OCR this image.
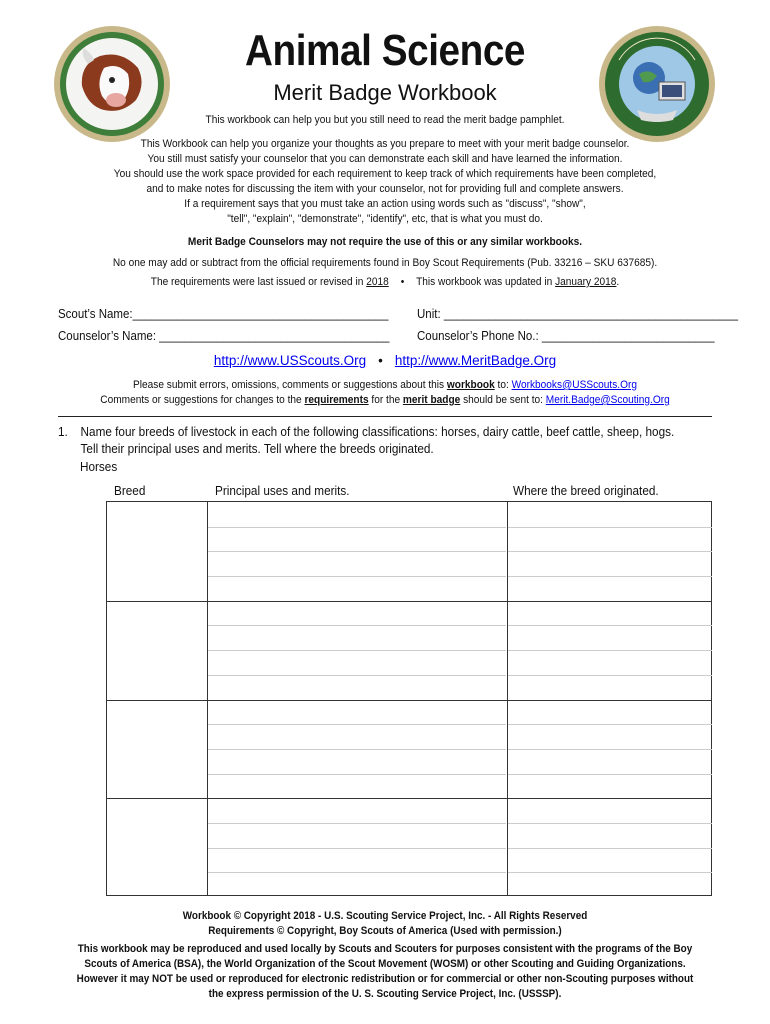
Animal Science
Merit Badge Workbook
This workbook can help you but you still need to read the merit badge pamphlet.
This Workbook can help you organize your thoughts as you prepare to meet with your merit badge counselor.
You still must satisfy your counselor that you can demonstrate each skill and have learned the information.
You should use the work space provided for each requirement to keep track of which requirements have been completed,
and to make notes for discussing the item with your counselor, not for providing full and complete answers.
If a requirement says that you must take an action using words such as "discuss", "show",
"tell", "explain", "demonstrate", "identify", etc, that is what you must do.
Merit Badge Counselors may not require the use of this or any similar workbooks.
No one may add or subtract from the official requirements found in Boy Scout Requirements (Pub. 33216 – SKU 637685).
The requirements were last issued or revised in 2018 • This workbook was updated in January 2018.
Scout’s Name:________________________________________ Unit: ______________________________________________
Counselor’s Name: ____________________________________ Counselor’s Phone No.: ___________________________
http://www.USScouts.Org • http://www.MeritBadge.Org
Please submit errors, omissions, comments or suggestions about this workbook to: Workbooks@USScouts.Org
Comments or suggestions for changes to the requirements for the merit badge should be sent to: Merit.Badge@Scouting.Org
1.	Name four breeds of livestock in each of the following classifications: horses, dairy cattle, beef cattle, sheep, hogs. Tell their principal uses and merits. Tell where the breeds originated.
Horses
Breed	Principal uses and merits.	Where the breed originated.
Workbook © Copyright 2018 - U.S. Scouting Service Project, Inc. - All Rights Reserved
Requirements © Copyright, Boy Scouts of America (Used with permission.)
This workbook may be reproduced and used locally by Scouts and Scouters for purposes consistent with the programs of the Boy
Scouts of America (BSA), the World Organization of the Scout Movement (WOSM) or other Scouting and Guiding Organizations.
However it may NOT be used or reproduced for electronic redistribution or for commercial or other non-Scouting purposes without
the express permission of the U. S. Scouting Service Project, Inc. (USSSP).
